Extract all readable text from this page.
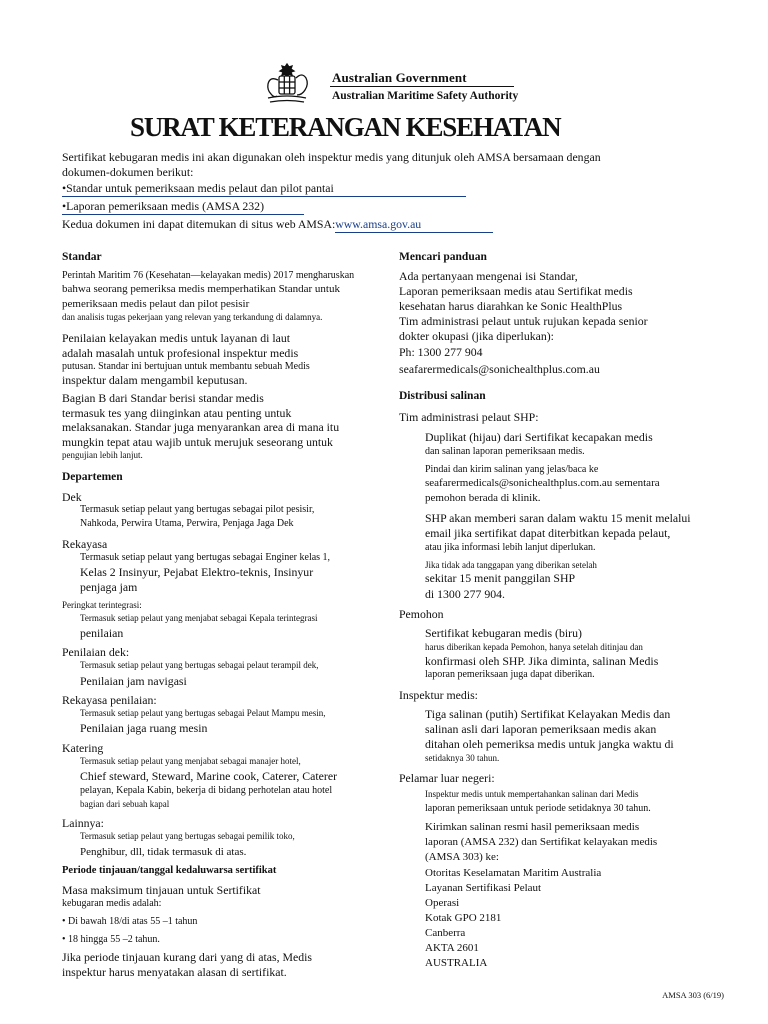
Australian Government
Australian Maritime Safety Authority
SURAT KETERANGAN KESEHATAN
Sertifikat kebugaran medis ini akan digunakan oleh inspektur medis yang ditunjuk oleh AMSA bersamaan dengan
dokumen-dokumen berikut:
•Standar untuk pemeriksaan medis pelaut dan pilot pantai
•Laporan pemeriksaan medis (AMSA 232)
Kedua dokumen ini dapat ditemukan di situs web AMSA:www.amsa.gov.au
Standar
Perintah Maritim 76 (Kesehatan—kelayakan medis) 2017 mengharuskan
bahwa seorang pemeriksa medis memperhatikan Standar untuk
pemeriksaan medis pelaut dan pilot pesisir
dan analisis tugas pekerjaan yang relevan yang terkandung di dalamnya.
Penilaian kelayakan medis untuk layanan di laut
adalah masalah untuk profesional inspektur medis
putusan. Standar ini bertujuan untuk membantu sebuah Medis
inspektur dalam mengambil keputusan.
Bagian B dari Standar berisi standar medis
termasuk tes yang diinginkan atau penting untuk
melaksanakan. Standar juga menyarankan area di mana itu
mungkin tepat atau wajib untuk merujuk seseorang untuk
pengujian lebih lanjut.
Departemen
Dek
Termasuk setiap pelaut yang bertugas sebagai pilot pesisir,
Nahkoda, Perwira Utama, Perwira, Penjaga Jaga Dek
Rekayasa
Termasuk setiap pelaut yang bertugas sebagai Enginer kelas 1,
Kelas 2 Insinyur, Pejabat Elektro-teknis, Insinyur
penjaga jam
Peringkat terintegrasi:
Termasuk setiap pelaut yang menjabat sebagai Kepala terintegrasi
penilaian
Penilaian dek:
Termasuk setiap pelaut yang bertugas sebagai pelaut terampil dek,
Penilaian jam navigasi
Rekayasa penilaian:
Termasuk setiap pelaut yang bertugas sebagai Pelaut Mampu mesin,
Penilaian jaga ruang mesin
Katering
Termasuk setiap pelaut yang menjabat sebagai manajer hotel,
Chief steward, Steward, Marine cook, Caterer, Caterer
pelayan, Kepala Kabin, bekerja di bidang perhotelan atau hotel
bagian dari sebuah kapal
Lainnya:
Termasuk setiap pelaut yang bertugas sebagai pemilik toko,
Penghibur, dll, tidak termasuk di atas.
Periode tinjauan/tanggal kedaluwarsa sertifikat
Masa maksimum tinjauan untuk Sertifikat
kebugaran medis adalah:
• Di bawah 18/di atas 55 –1 tahun
• 18 hingga 55 –2 tahun.
Jika periode tinjauan kurang dari yang di atas, Medis
inspektur harus menyatakan alasan di sertifikat.
Mencari panduan
Ada pertanyaan mengenai isi Standar,
Laporan pemeriksaan medis atau Sertifikat medis
kesehatan harus diarahkan ke Sonic HealthPlus
Tim administrasi pelaut untuk rujukan kepada senior
dokter okupasi (jika diperlukan):
Ph: 1300 277 904
seafarermedicals@sonichealthplus.com.au
Distribusi salinan
Tim administrasi pelaut SHP:
Duplikat (hijau) dari Sertifikat kecapakan medis
dan salinan laporan pemeriksaan medis.
Pindai dan kirim salinan yang jelas/baca ke
seafarermedicals@sonichealthplus.com.au sementara
pemohon berada di klinik.
SHP akan memberi saran dalam waktu 15 menit melalui
email jika sertifikat dapat diterbitkan kepada pelaut,
atau jika informasi lebih lanjut diperlukan.
Jika tidak ada tanggapan yang diberikan setelah
sekitar 15 menit panggilan SHP
di 1300 277 904.
Pemohon
Sertifikat kebugaran medis (biru)
harus diberikan kepada Pemohon, hanya setelah ditinjau dan
konfirmasi oleh SHP. Jika diminta, salinan Medis
laporan pemeriksaan juga dapat diberikan.
Inspektur medis:
Tiga salinan (putih) Sertifikat Kelayakan Medis dan
salinan asli dari laporan pemeriksaan medis akan
ditahan oleh pemeriksa medis untuk jangka waktu di
setidaknya 30 tahun.
Pelamar luar negeri:
Inspektur medis untuk mempertahankan salinan dari Medis
laporan pemeriksaan untuk periode setidaknya 30 tahun.
Kirimkan salinan resmi hasil pemeriksaan medis
laporan (AMSA 232) dan Sertifikat kelayakan medis
(AMSA 303) ke:
Otoritas Keselamatan Maritim Australia
Layanan Sertifikasi Pelaut
Operasi
Kotak GPO 2181
Canberra
AKTA 2601
AUSTRALIA
AMSA 303 (6/19)
